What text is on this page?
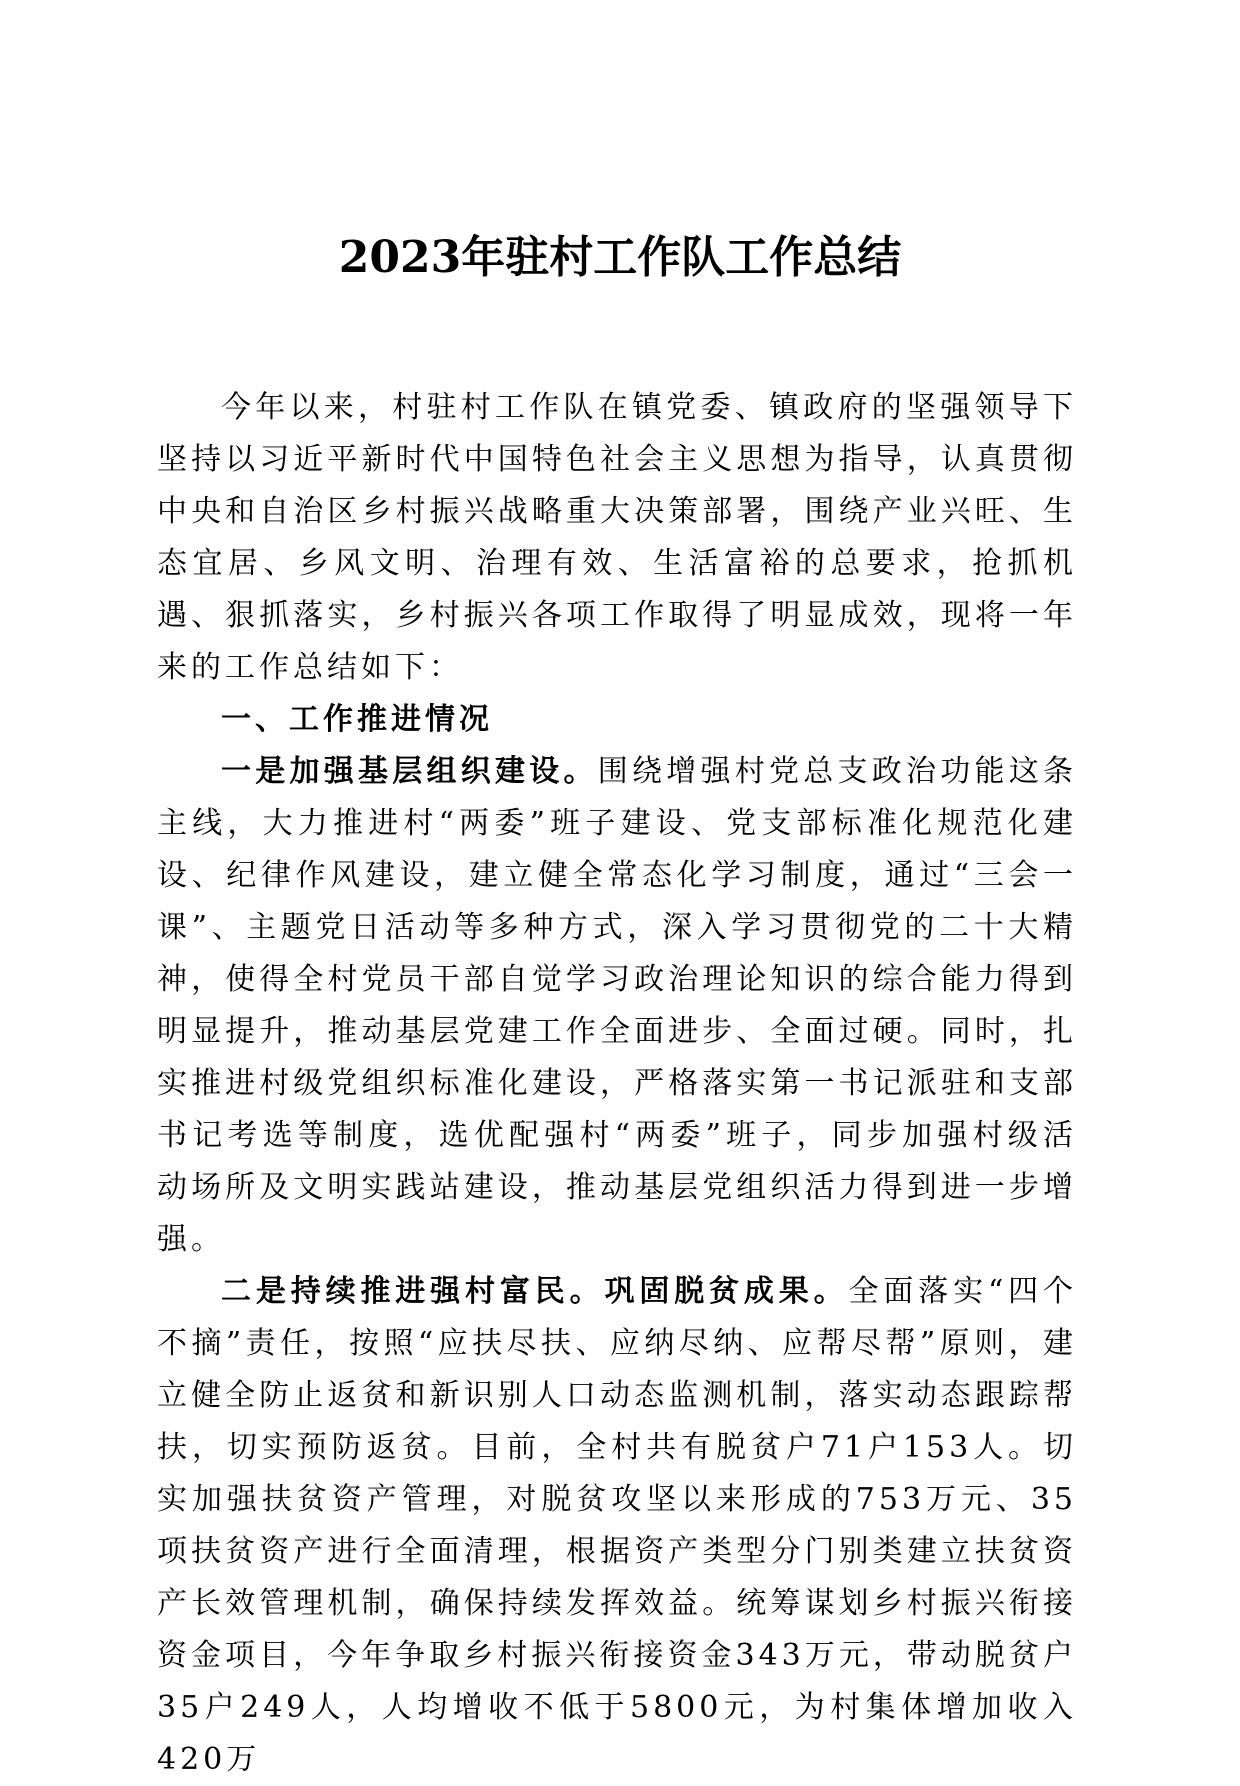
2023年驻村工作队工作总结

今年以来，村驻村工作队在镇党委、镇政府的坚强领导下坚持以习近平新时代中国特色社会主义思想为指导，认真贯彻中央和自治区乡村振兴战略重大决策部署，围绕产业兴旺、生态宜居、乡风文明、治理有效、生活富裕的总要求，抢抓机遇、狠抓落实，乡村振兴各项工作取得了明显成效，现将一年来的工作总结如下：

一、工作推进情况

一是加强基层组织建设。围绕增强村党总支政治功能这条主线，大力推进村“两委”班子建设、党支部标准化规范化建设、纪律作风建设，建立健全常态化学习制度，通过“三会一课”、主题党日活动等多种方式，深入学习贯彻党的二十大精神，使得全村党员干部自觉学习政治理论知识的综合能力得到明显提升，推动基层党建工作全面进步、全面过硬。同时，扎实推进村级党组织标准化建设，严格落实第一书记派驻和支部书记考选等制度，选优配强村“两委”班子，同步加强村级活动场所及文明实践站建设，推动基层党组织活力得到进一步增强。

二是持续推进强村富民。巩固脱贫成果。全面落实“四个不摘”责任，按照“应扶尽扶、应纳尽纳、应帮尽帮”原则，建立健全防止返贫和新识别人口动态监测机制，落实动态跟踪帮扶，切实预防返贫。目前，全村共有脱贫户71户153人。切实加强扶贫资产管理，对脱贫攻坚以来形成的753万元、35项扶贫资产进行全面清理，根据资产类型分门别类建立扶贫资产长效管理机制，确保持续发挥效益。统筹谋划乡村振兴衔接资金项目，今年争取乡村振兴衔接资金343万元，带动脱贫户35户249人，人均增收不低于5800元，为村集体增加收入420万
